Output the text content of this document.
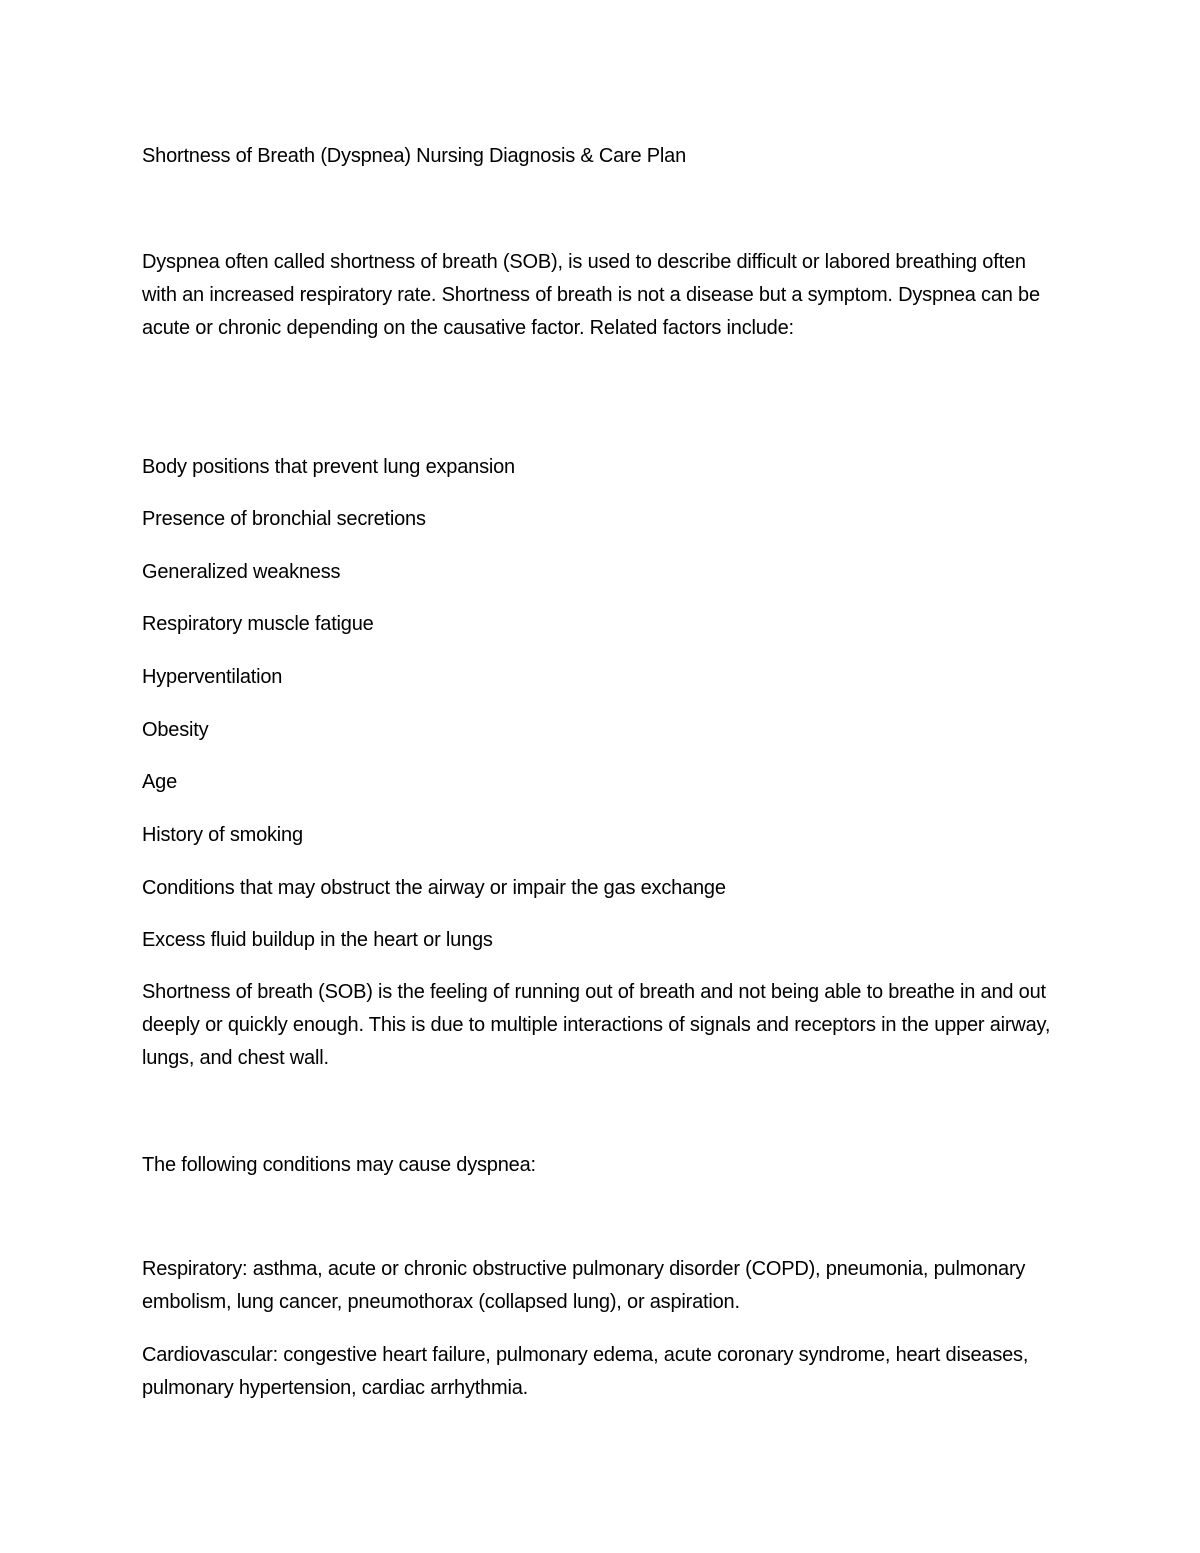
Shortness of Breath (Dyspnea) Nursing Diagnosis & Care Plan
Dyspnea often called shortness of breath (SOB), is used to describe difficult or labored breathing often with an increased respiratory rate. Shortness of breath is not a disease but a symptom. Dyspnea can be acute or chronic depending on the causative factor. Related factors include:
Body positions that prevent lung expansion
Presence of bronchial secretions
Generalized weakness
Respiratory muscle fatigue
Hyperventilation
Obesity
Age
History of smoking
Conditions that may obstruct the airway or impair the gas exchange
Excess fluid buildup in the heart or lungs
Shortness of breath (SOB) is the feeling of running out of breath and not being able to breathe in and out deeply or quickly enough. This is due to multiple interactions of signals and receptors in the upper airway, lungs, and chest wall.
The following conditions may cause dyspnea:
Respiratory: asthma, acute or chronic obstructive pulmonary disorder (COPD), pneumonia, pulmonary embolism, lung cancer, pneumothorax (collapsed lung), or aspiration.
Cardiovascular: congestive heart failure, pulmonary edema, acute coronary syndrome, heart diseases, pulmonary hypertension, cardiac arrhythmia.
